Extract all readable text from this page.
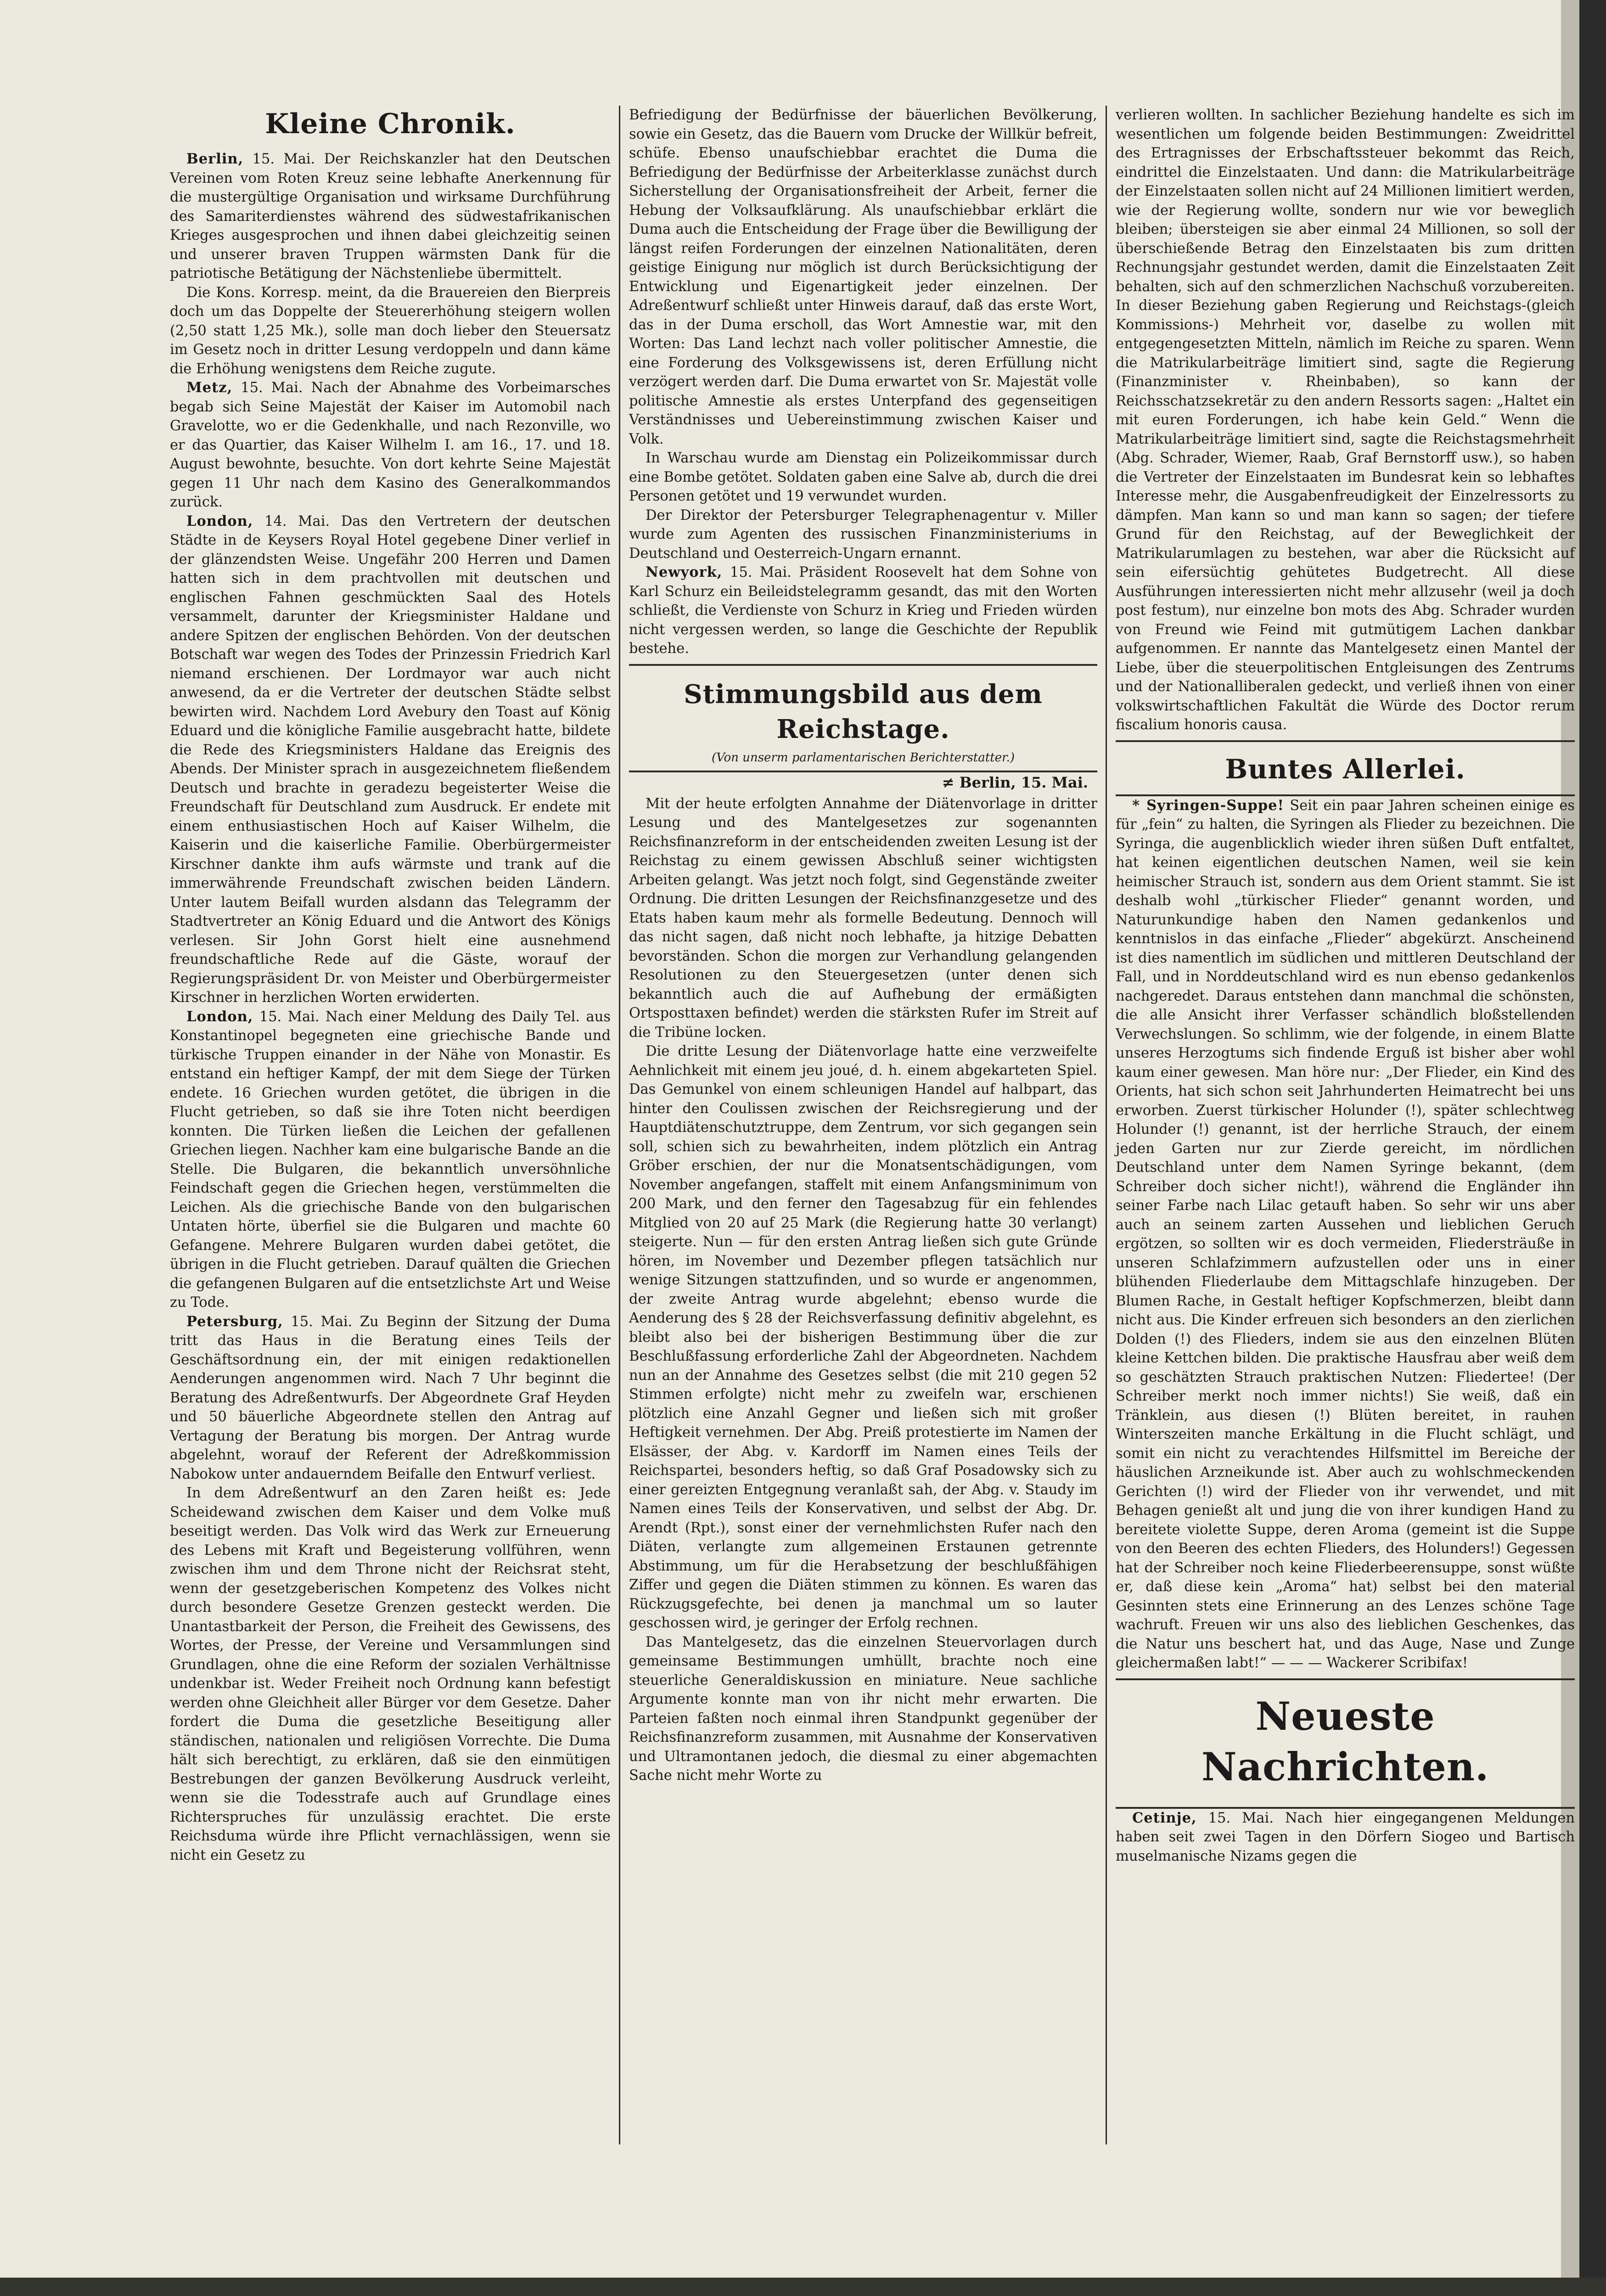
Kleine Chronik.

Berlin, 15. Mai. Der Reichskanzler hat den Deutschen Vereinen vom Roten Kreuz seine lebhafte Anerkennung für die mustergültige Organisation und wirksame Durchführung des Samariterdienstes während des südwestafrikanischen Krieges ausgesprochen und ihnen dabei gleichzeitig seinen und unserer braven Truppen wärmsten Dank für die patriotische Betätigung der Nächstenliebe übermittelt.

Die Kons. Korresp. meint, da die Brauereien den Bierpreis doch um das Doppelte der Steuererhöhung steigern wollen (2,50 statt 1,25 Mk.), solle man doch lieber den Steuersatz im Gesetz noch in dritter Lesung verdoppeln und dann käme die Erhöhung wenigstens dem Reiche zugute.

Metz, 15. Mai. Nach der Abnahme des Vorbeimarsches begab sich Seine Majestät der Kaiser im Automobil nach Gravelotte, wo er die Gedenkhalle, und nach Rezonville, wo er das Quartier, das Kaiser Wilhelm I. am 16., 17. und 18. August bewohnte, besuchte. Von dort kehrte Seine Majestät gegen 11 Uhr nach dem Kasino des Generalkommandos zurück.

London, 14. Mai. Das den Vertretern der deutschen Städte in de Keysers Royal Hotel gegebene Diner verlief in der glänzendsten Weise. Ungefähr 200 Herren und Damen hatten sich in dem prachtvollen mit deutschen und englischen Fahnen geschmückten Saal des Hotels versammelt, darunter der Kriegsminister Haldane und andere Spitzen der englischen Behörden. Von der deutschen Botschaft war wegen des Todes der Prinzessin Friedrich Karl niemand erschienen. Der Lordmayor war auch nicht anwesend, da er die Vertreter der deutschen Städte selbst bewirten wird. Nachdem Lord Avebury den Toast auf König Eduard und die königliche Familie ausgebracht hatte, bildete die Rede des Kriegsministers Haldane das Ereignis des Abends. Der Minister sprach in ausgezeichnetem fließendem Deutsch und brachte in geradezu begeisterter Weise die Freundschaft für Deutschland zum Ausdruck. Er endete mit einem enthusiastischen Hoch auf Kaiser Wilhelm, die Kaiserin und die kaiserliche Familie. Oberbürgermeister Kirschner dankte ihm aufs wärmste und trank auf die immerwährende Freundschaft zwischen beiden Ländern. Unter lautem Beifall wurden alsdann das Telegramm der Stadtvertreter an König Eduard und die Antwort des Königs verlesen. Sir John Gorst hielt eine ausnehmend freundschaftliche Rede auf die Gäste, worauf der Regierungspräsident Dr. von Meister und Oberbürgermeister Kirschner in herzlichen Worten erwiderten.

London, 15. Mai. Nach einer Meldung des Daily Tel. aus Konstantinopel begegneten eine griechische Bande und türkische Truppen einander in der Nähe von Monastir. Es entstand ein heftiger Kampf, der mit dem Siege der Türken endete. 16 Griechen wurden getötet, die übrigen in die Flucht getrieben, so daß sie ihre Toten nicht beerdigen konnten. Die Türken ließen die Leichen der gefallenen Griechen liegen. Nachher kam eine bulgarische Bande an die Stelle. Die Bulgaren, die bekanntlich unversöhnliche Feindschaft gegen die Griechen hegen, verstümmelten die Leichen. Als die griechische Bande von den bulgarischen Untaten hörte, überfiel sie die Bulgaren und machte 60 Gefangene. Mehrere Bulgaren wurden dabei getötet, die übrigen in die Flucht getrieben. Darauf quälten die Griechen die gefangenen Bulgaren auf die entsetzlichste Art und Weise zu Tode.

Petersburg, 15. Mai. Zu Beginn der Sitzung der Duma tritt das Haus in die Beratung eines Teils der Geschäftsordnung ein, der mit einigen redaktionellen Aenderungen angenommen wird. Nach 7 Uhr beginnt die Beratung des Adreßentwurfs. Der Abgeordnete Graf Heyden und 50 bäuerliche Abgeordnete stellen den Antrag auf Vertagung der Beratung bis morgen. Der Antrag wurde abgelehnt, worauf der Referent der Adreßkommission Nabokow unter andauerndem Beifalle den Entwurf verliest.

In dem Adreßentwurf an den Zaren heißt es: Jede Scheidewand zwischen dem Kaiser und dem Volke muß beseitigt werden. Das Volk wird das Werk zur Erneuerung des Lebens mit Kraft und Begeisterung vollführen, wenn zwischen ihm und dem Throne nicht der Reichsrat steht, wenn der gesetzgeberischen Kompetenz des Volkes nicht durch besondere Gesetze Grenzen gesteckt werden. Die Unantastbarkeit der Person, die Freiheit des Gewissens, des Wortes, der Presse, der Vereine und Versammlungen sind Grundlagen, ohne die eine Reform der sozialen Verhältnisse undenkbar ist. Weder Freiheit noch Ordnung kann befestigt werden ohne Gleichheit aller Bürger vor dem Gesetze. Daher fordert die Duma die gesetzliche Beseitigung aller ständischen, nationalen und religiösen Vorrechte. Die Duma hält sich berechtigt, zu erklären, daß sie den einmütigen Bestrebungen der ganzen Bevölkerung Ausdruck verleiht, wenn sie die Todesstrafe auch auf Grundlage eines Richterspruches für unzulässig erachtet. Die erste Reichsduma würde ihre Pflicht vernachlässigen, wenn sie nicht ein Gesetz zu

Befriedigung der Bedürfnisse der bäuerlichen Bevölkerung, sowie ein Gesetz, das die Bauern vom Drucke der Willkür befreit, schüfe. Ebenso unaufschiebbar erachtet die Duma die Befriedigung der Bedürfnisse der Arbeiterklasse zunächst durch Sicherstellung der Organisationsfreiheit der Arbeit, ferner die Hebung der Volksaufklärung. Als unaufschiebbar erklärt die Duma auch die Entscheidung der Frage über die Bewilligung der längst reifen Forderungen der einzelnen Nationalitäten, deren geistige Einigung nur möglich ist durch Berücksichtigung der Entwicklung und Eigenartigkeit jeder einzelnen. Der Adreßentwurf schließt unter Hinweis darauf, daß das erste Wort, das in der Duma erscholl, das Wort Amnestie war, mit den Worten: Das Land lechzt nach voller politischer Amnestie, die eine Forderung des Volksgewissens ist, deren Erfüllung nicht verzögert werden darf. Die Duma erwartet von Sr. Majestät volle politische Amnestie als erstes Unterpfand des gegenseitigen Verständnisses und Uebereinstimmung zwischen Kaiser und Volk.

In Warschau wurde am Dienstag ein Polizeikommissar durch eine Bombe getötet. Soldaten gaben eine Salve ab, durch die drei Personen getötet und 19 verwundet wurden.

Der Direktor der Petersburger Telegraphenagentur v. Miller wurde zum Agenten des russischen Finanzministeriums in Deutschland und Oesterreich-Ungarn ernannt.

Newyork, 15. Mai. Präsident Roosevelt hat dem Sohne von Karl Schurz ein Beileidstelegramm gesandt, das mit den Worten schließt, die Verdienste von Schurz in Krieg und Frieden würden nicht vergessen werden, so lange die Geschichte der Republik bestehe.

Stimmungsbild aus dem Reichstage.
(Von unserm parlamentarischen Berichterstatter.)
≠ Berlin, 15. Mai.

Mit der heute erfolgten Annahme der Diätenvorlage in dritter Lesung und des Mantelgesetzes zur sogenannten Reichsfinanzreform in der entscheidenden zweiten Lesung ist der Reichstag zu einem gewissen Abschluß seiner wichtigsten Arbeiten gelangt. Was jetzt noch folgt, sind Gegenstände zweiter Ordnung. Die dritten Lesungen der Reichsfinanzgesetze und des Etats haben kaum mehr als formelle Bedeutung. Dennoch will das nicht sagen, daß nicht noch lebhafte, ja hitzige Debatten bevorständen. Schon die morgen zur Verhandlung gelangenden Resolutionen zu den Steuergesetzen (unter denen sich bekanntlich auch die auf Aufhebung der ermäßigten Ortsposttaxen befindet) werden die stärksten Rufer im Streit auf die Tribüne locken.

Die dritte Lesung der Diätenvorlage hatte eine verzweifelte Aehnlichkeit mit einem jeu joué, d. h. einem abgekarteten Spiel. Das Gemunkel von einem schleunigen Handel auf halbpart, das hinter den Coulissen zwischen der Reichsregierung und der Hauptdiätenschutztruppe, dem Zentrum, vor sich gegangen sein soll, schien sich zu bewahrheiten, indem plötzlich ein Antrag Gröber erschien, der nur die Monatsentschädigungen, vom November angefangen, staffelt mit einem Anfangsminimum von 200 Mark, und den ferner den Tagesabzug für ein fehlendes Mitglied von 20 auf 25 Mark (die Regierung hatte 30 verlangt) steigerte. Nun — für den ersten Antrag ließen sich gute Gründe hören, im November und Dezember pflegen tatsächlich nur wenige Sitzungen stattzufinden, und so wurde er angenommen, der zweite Antrag wurde abgelehnt; ebenso wurde die Aenderung des § 28 der Reichsverfassung definitiv abgelehnt, es bleibt also bei der bisherigen Bestimmung über die zur Beschlußfassung erforderliche Zahl der Abgeordneten. Nachdem nun an der Annahme des Gesetzes selbst (die mit 210 gegen 52 Stimmen erfolgte) nicht mehr zu zweifeln war, erschienen plötzlich eine Anzahl Gegner und ließen sich mit großer Heftigkeit vernehmen. Der Abg. Preiß protestierte im Namen der Elsässer, der Abg. v. Kardorff im Namen eines Teils der Reichspartei, besonders heftig, so daß Graf Posadowsky sich zu einer gereizten Entgegnung veranlaßt sah, der Abg. v. Staudy im Namen eines Teils der Konservativen, und selbst der Abg. Dr. Arendt (Rpt.), sonst einer der vernehmlichsten Rufer nach den Diäten, verlangte zum allgemeinen Erstaunen getrennte Abstimmung, um für die Herabsetzung der beschlußfähigen Ziffer und gegen die Diäten stimmen zu können. Es waren das Rückzugsgefechte, bei denen ja manchmal um so lauter geschossen wird, je geringer der Erfolg rechnen.

Das Mantelgesetz, das die einzelnen Steuervorlagen durch gemeinsame Bestimmungen umhüllt, brachte noch eine steuerliche Generaldiskussion en miniature. Neue sachliche Argumente konnte man von ihr nicht mehr erwarten. Die Parteien faßten noch einmal ihren Standpunkt gegenüber der Reichsfinanzreform zusammen, mit Ausnahme der Konservativen und Ultramontanen jedoch, die diesmal zu einer abgemachten Sache nicht mehr Worte zu

verlieren wollten. In sachlicher Beziehung handelte es sich im wesentlichen um folgende beiden Bestimmungen: Zweidrittel des Ertragnisses der Erbschaftssteuer bekommt das Reich, eindrittel die Einzelstaaten. Und dann: die Matrikularbeiträge der Einzelstaaten sollen nicht auf 24 Millionen limitiert werden, wie der Regierung wollte, sondern nur wie vor beweglich bleiben; übersteigen sie aber einmal 24 Millionen, so soll der überschießende Betrag den Einzelstaaten bis zum dritten Rechnungsjahr gestundet werden, damit die Einzelstaaten Zeit behalten, sich auf den schmerzlichen Nachschuß vorzubereiten. In dieser Beziehung gaben Regierung und Reichstags-(gleich Kommissions-) Mehrheit vor, daselbe zu wollen mit entgegengesetzten Mitteln, nämlich im Reiche zu sparen. Wenn die Matrikularbeiträge limitiert sind, sagte die Regierung (Finanzminister v. Rheinbaben), so kann der Reichsschatzsekretär zu den andern Ressorts sagen: „Haltet ein mit euren Forderungen, ich habe kein Geld.“ Wenn die Matrikularbeiträge limitiert sind, sagte die Reichstagsmehrheit (Abg. Schrader, Wiemer, Raab, Graf Bernstorff usw.), so haben die Vertreter der Einzelstaaten im Bundesrat kein so lebhaftes Interesse mehr, die Ausgabenfreudigkeit der Einzelressorts zu dämpfen. Man kann so und man kann so sagen; der tiefere Grund für den Reichstag, auf der Beweglichkeit der Matrikularumlagen zu bestehen, war aber die Rücksicht auf sein eifersüchtig gehütetes Budgetrecht. All diese Ausführungen interessierten nicht mehr allzusehr (weil ja doch post festum), nur einzelne bon mots des Abg. Schrader wurden von Freund wie Feind mit gutmütigem Lachen dankbar aufgenommen. Er nannte das Mantelgesetz einen Mantel der Liebe, über die steuerpolitischen Entgleisungen des Zentrums und der Nationalliberalen gedeckt, und verließ ihnen von einer volkswirtschaftlichen Fakultät die Würde des Doctor rerum fiscalium honoris causa.

Buntes Allerlei.

* Syringen-Suppe! Seit ein paar Jahren scheinen einige es für „fein“ zu halten, die Syringen als Flieder zu bezeichnen. Die Syringa, die augenblicklich wieder ihren süßen Duft entfaltet, hat keinen eigentlichen deutschen Namen, weil sie kein heimischer Strauch ist, sondern aus dem Orient stammt. Sie ist deshalb wohl „türkischer Flieder“ genannt worden, und Naturunkundige haben den Namen gedankenlos und kenntnislos in das einfache „Flieder“ abgekürzt. Anscheinend ist dies namentlich im südlichen und mittleren Deutschland der Fall, und in Norddeutschland wird es nun ebenso gedankenlos nachgeredet. Daraus entstehen dann manchmal die schönsten, die alle Ansicht ihrer Verfasser schändlich bloßstellenden Verwechslungen. So schlimm, wie der folgende, in einem Blatte unseres Herzogtums sich findende Erguß ist bisher aber wohl kaum einer gewesen. Man höre nur: „Der Flieder, ein Kind des Orients, hat sich schon seit Jahrhunderten Heimatrecht bei uns erworben. Zuerst türkischer Holunder (!), später schlechtweg Holunder (!) genannt, ist der herrliche Strauch, der einem jeden Garten nur zur Zierde gereicht, im nördlichen Deutschland unter dem Namen Syringe bekannt, (dem Schreiber doch sicher nicht!), während die Engländer ihn seiner Farbe nach Lilac getauft haben. So sehr wir uns aber auch an seinem zarten Aussehen und lieblichen Geruch ergötzen, so sollten wir es doch vermeiden, Fliedersträuße in unseren Schlafzimmern aufzustellen oder uns in einer blühenden Fliederlaube dem Mittagschlafe hinzugeben. Der Blumen Rache, in Gestalt heftiger Kopfschmerzen, bleibt dann nicht aus. Die Kinder erfreuen sich besonders an den zierlichen Dolden (!) des Flieders, indem sie aus den einzelnen Blüten kleine Kettchen bilden. Die praktische Hausfrau aber weiß dem so geschätzten Strauch praktischen Nutzen: Fliedertee! (Der Schreiber merkt noch immer nichts!) Sie weiß, daß ein Tränklein, aus diesen (!) Blüten bereitet, in rauhen Winterszeiten manche Erkältung in die Flucht schlägt, und somit ein nicht zu verachtendes Hilfsmittel im Bereiche der häuslichen Arzneikunde ist. Aber auch zu wohlschmeckenden Gerichten (!) wird der Flieder von ihr verwendet, und mit Behagen genießt alt und jung die von ihrer kundigen Hand zu bereitete violette Suppe, deren Aroma (gemeint ist die Suppe von den Beeren des echten Flieders, des Holunders!) Gegessen hat der Schreiber noch keine Fliederbeerensuppe, sonst wüßte er, daß diese kein „Aroma“ hat) selbst bei den material Gesinnten stets eine Erinnerung an des Lenzes schöne Tage wachruft. Freuen wir uns also des lieblichen Geschenkes, das die Natur uns beschert hat, und das Auge, Nase und Zunge gleichermaßen labt!“ — — — Wackerer Scribifax!

Neueste Nachrichten.

Cetinje, 15. Mai. Nach hier eingegangenen Meldungen haben seit zwei Tagen in den Dörfern Siogeo und Bartisch muselmanische Nizams gegen die
